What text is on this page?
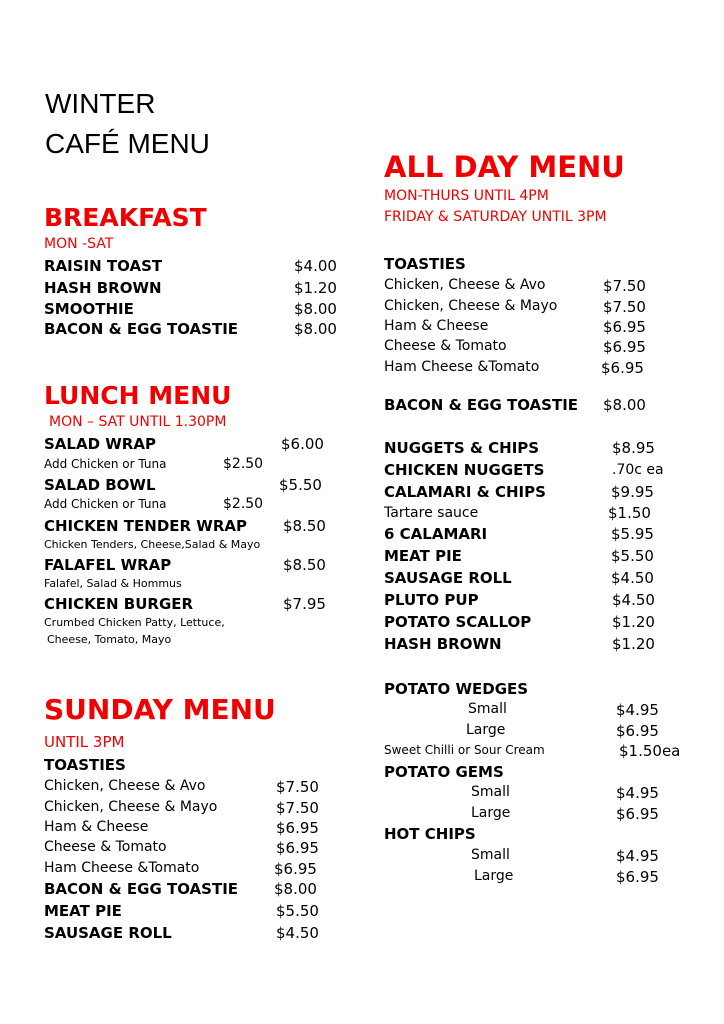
WINTER
CAFÉ MENU
BREAKFAST
MON -SAT
RAISIN TOAST	$4.00
HASH BROWN	$1.20
SMOOTHIE	$8.00
BACON & EGG TOASTIE	$8.00
LUNCH MENU
MON – SAT UNTIL 1.30PM
SALAD WRAP	$6.00
Add Chicken or Tuna	$2.50
SALAD BOWL	$5.50
Add Chicken or Tuna	$2.50
CHICKEN TENDER WRAP $8.50
Chicken Tenders, Cheese,Salad & Mayo
FALAFEL WRAP	$8.50
Falafel, Salad & Hommus
CHICKEN BURGER	$7.95
Crumbed Chicken Patty, Lettuce,
Cheese, Tomato, Mayo
SUNDAY MENU
UNTIL 3PM
TOASTIES
Chicken, Cheese & Avo	$7.50
Chicken, Cheese & Mayo	$7.50
Ham & Cheese	$6.95
Cheese & Tomato	$6.95
Ham Cheese &Tomato	$6.95
BACON & EGG TOASTIE $8.00
MEAT PIE	$5.50
SAUSAGE ROLL	$4.50
ALL DAY MENU
MON-THURS UNTIL 4PM
FRIDAY & SATURDAY UNTIL 3PM
TOASTIES
Chicken, Cheese & Avo	$7.50
Chicken, Cheese & Mayo	$7.50
Ham & Cheese	$6.95
Cheese & Tomato	$6.95
Ham Cheese &Tomato	$6.95
BACON & EGG TOASTIE $8.00
NUGGETS & CHIPS	$8.95
CHICKEN NUGGETS	.70c ea
CALAMARI & CHIPS	$9.95
Tartare sauce	$1.50
6 CALAMARI	$5.95
MEAT PIE	$5.50
SAUSAGE ROLL	$4.50
PLUTO PUP	$4.50
POTATO SCALLOP	$1.20
HASH BROWN	$1.20
POTATO WEDGES
Small	$4.95
Large	$6.95
Sweet Chilli or Sour Cream	$1.50ea
POTATO GEMS
Small	$4.95
Large	$6.95
HOT CHIPS
Small	$4.95
Large	$6.95
